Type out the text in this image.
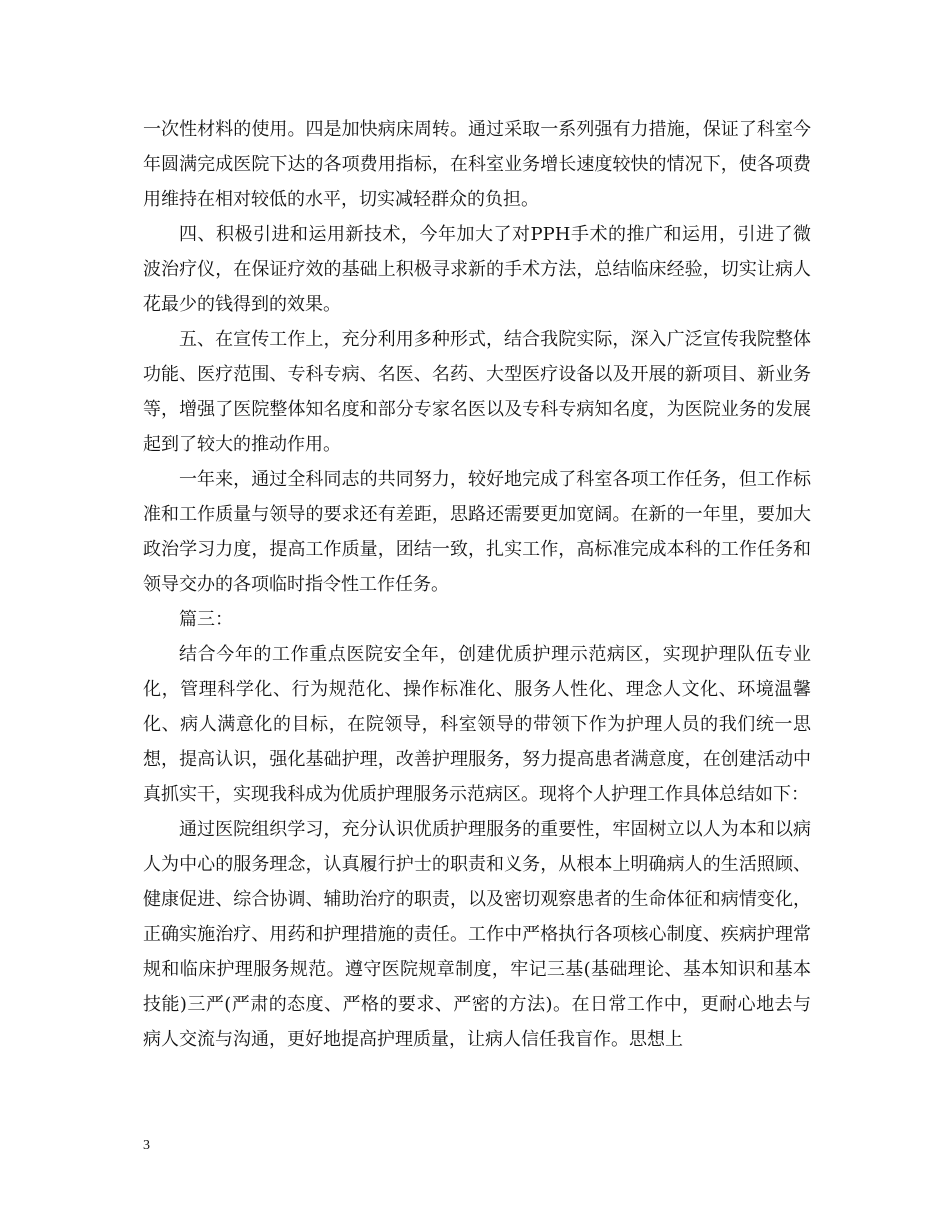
一次性材料的使用。四是加快病床周转。通过采取一系列强有力措施，保证了科室今年圆满完成医院下达的各项费用指标，在科室业务增长速度较快的情况下，使各项费用维持在相对较低的水平，切实减轻群众的负担。

四、积极引进和运用新技术，今年加大了对PPH手术的推广和运用，引进了微波治疗仪，在保证疗效的基础上积极寻求新的手术方法，总结临床经验，切实让病人花最少的钱得到的效果。

五、在宣传工作上，充分利用多种形式，结合我院实际，深入广泛宣传我院整体功能、医疗范围、专科专病、名医、名药、大型医疗设备以及开展的新项目、新业务等，增强了医院整体知名度和部分专家名医以及专科专病知名度，为医院业务的发展起到了较大的推动作用。

一年来，通过全科同志的共同努力，较好地完成了科室各项工作任务，但工作标准和工作质量与领导的要求还有差距，思路还需要更加宽阔。在新的一年里，要加大政治学习力度，提高工作质量，团结一致，扎实工作，高标准完成本科的工作任务和领导交办的各项临时指令性工作任务。

篇三：

结合今年的工作重点医院安全年，创建优质护理示范病区，实现护理队伍专业化，管理科学化、行为规范化、操作标准化、服务人性化、理念人文化、环境温馨化、病人满意化的目标，在院领导，科室领导的带领下作为护理人员的我们统一思想，提高认识，强化基础护理，改善护理服务，努力提高患者满意度，在创建活动中真抓实干，实现我科成为优质护理服务示范病区。现将个人护理工作具体总结如下：

通过医院组织学习，充分认识优质护理服务的重要性，牢固树立以人为本和以病人为中心的服务理念，认真履行护士的职责和义务，从根本上明确病人的生活照顾、健康促进、综合协调、辅助治疗的职责，以及密切观察患者的生命体征和病情变化，正确实施治疗、用药和护理措施的责任。工作中严格执行各项核心制度、疾病护理常规和临床护理服务规范。遵守医院规章制度，牢记三基(基础理论、基本知识和基本技能)三严(严肃的态度、严格的要求、严密的方法)。在日常工作中，更耐心地去与病人交流与沟通，更好地提高护理质量，让病人信任我盲作。思想上

3
